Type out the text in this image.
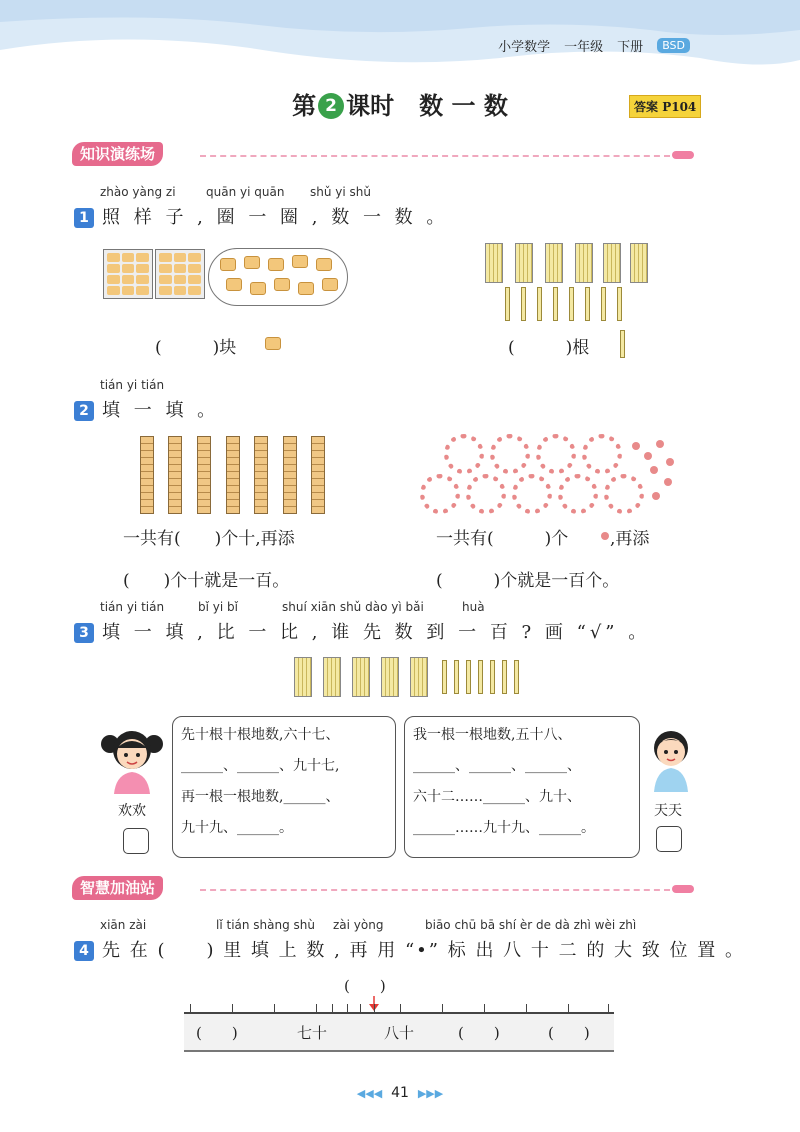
小学数学 一年级 下册	BSD
第 2 课时 数 一 数	答案 P104
知识演练场
zhào yàng zi	quān yi quān shǔ yi shǔ
1 照 样 子 , 圈 一 圈 , 数 一 数 。
(　　　)块	(　　　)根
tián yi tián
2 填 一 填 。
一共有(　　)个十,再添
(　　)个十就是一百。
一共有(　　　)个 ,再添
(　　　)个就是一百个。
tián yi tián	bǐ yi bǐ	shuí xiān shǔ dào yì bǎi	huà
3 填 一 填 , 比 一 比 , 谁 先 数 到 一 百 ? 画 “√” 。
欢欢
先十根十根地数,六十七、
______、______、九十七,
再一根一根地数,______、
九十九、______。
我一根一根地数,五十八、
______、______、______、
六十二……______、九十、
______……九十九、______。
天天
智慧加油站
xiān zài	lǐ tián shàng shù zài yòng	biāo chū bā shí èr de dà zhì wèi zhì
4 先 在 (　　) 里 填 上 数 , 再 用 “•” 标 出 八 十 二 的 大 致 位 置 。
(　　)
(　　)	七十	八十	(　　)	(　　)
◀◀◀ 41 ▶▶▶
